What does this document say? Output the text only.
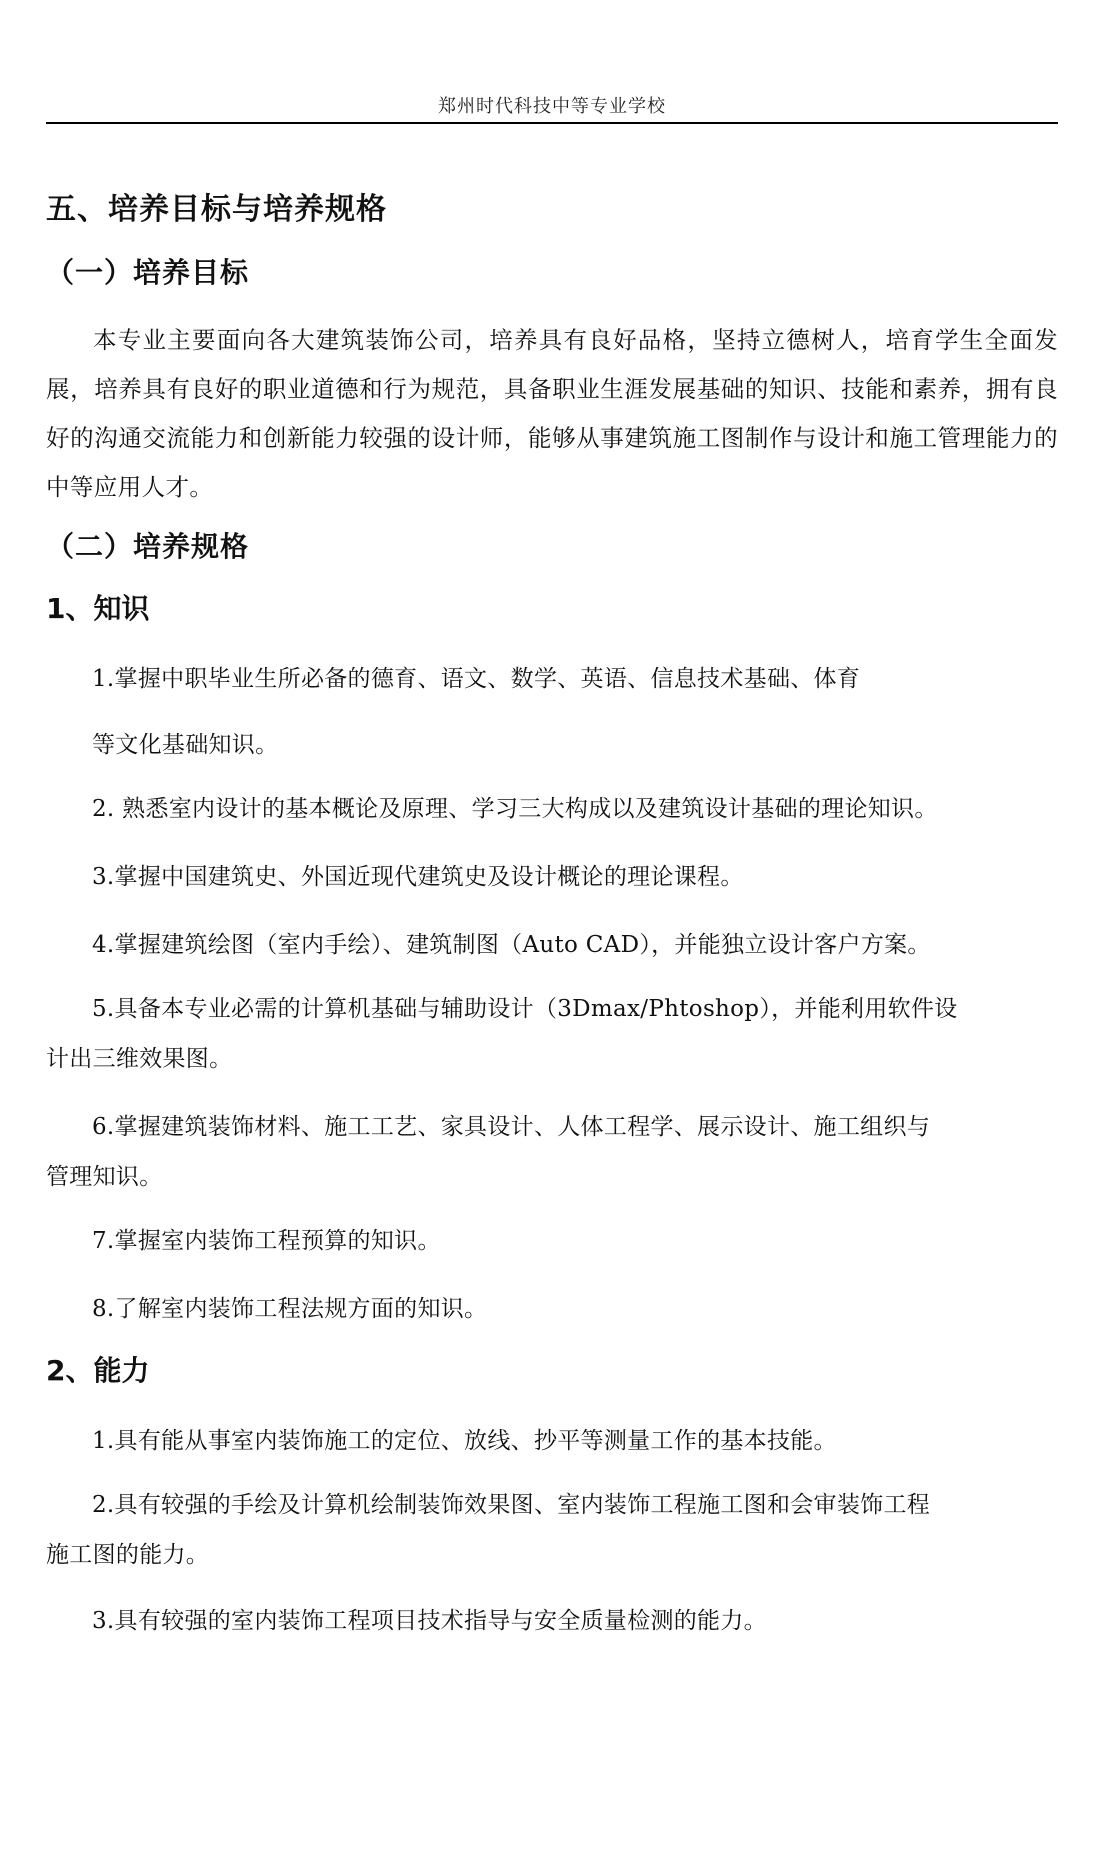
郑州时代科技中等专业学校
五、培养目标与培养规格
（一）培养目标
本专业主要面向各大建筑装饰公司，培养具有良好品格，坚持立德树人，培育学生全面发展，培养具有良好的职业道德和行为规范，具备职业生涯发展基础的知识、技能和素养，拥有良好的沟通交流能力和创新能力较强的设计师，能够从事建筑施工图制作与设计和施工管理能力的中等应用人才。
（二）培养规格
1、知识
1.掌握中职毕业生所必备的德育、语文、数学、英语、信息技术基础、体育
等文化基础知识。
2. 熟悉室内设计的基本概论及原理、学习三大构成以及建筑设计基础的理论知识。
3.掌握中国建筑史、外国近现代建筑史及设计概论的理论课程。
4.掌握建筑绘图（室内手绘）、建筑制图（Auto CAD），并能独立设计客户方案。
5.具备本专业必需的计算机基础与辅助设计（3Dmax/Phtoshop），并能利用软件设
计出三维效果图。
6.掌握建筑装饰材料、施工工艺、家具设计、人体工程学、展示设计、施工组织与
管理知识。
7.掌握室内装饰工程预算的知识。
8.了解室内装饰工程法规方面的知识。
2、能力
1.具有能从事室内装饰施工的定位、放线、抄平等测量工作的基本技能。
2.具有较强的手绘及计算机绘制装饰效果图、室内装饰工程施工图和会审装饰工程
施工图的能力。
3.具有较强的室内装饰工程项目技术指导与安全质量检测的能力。
